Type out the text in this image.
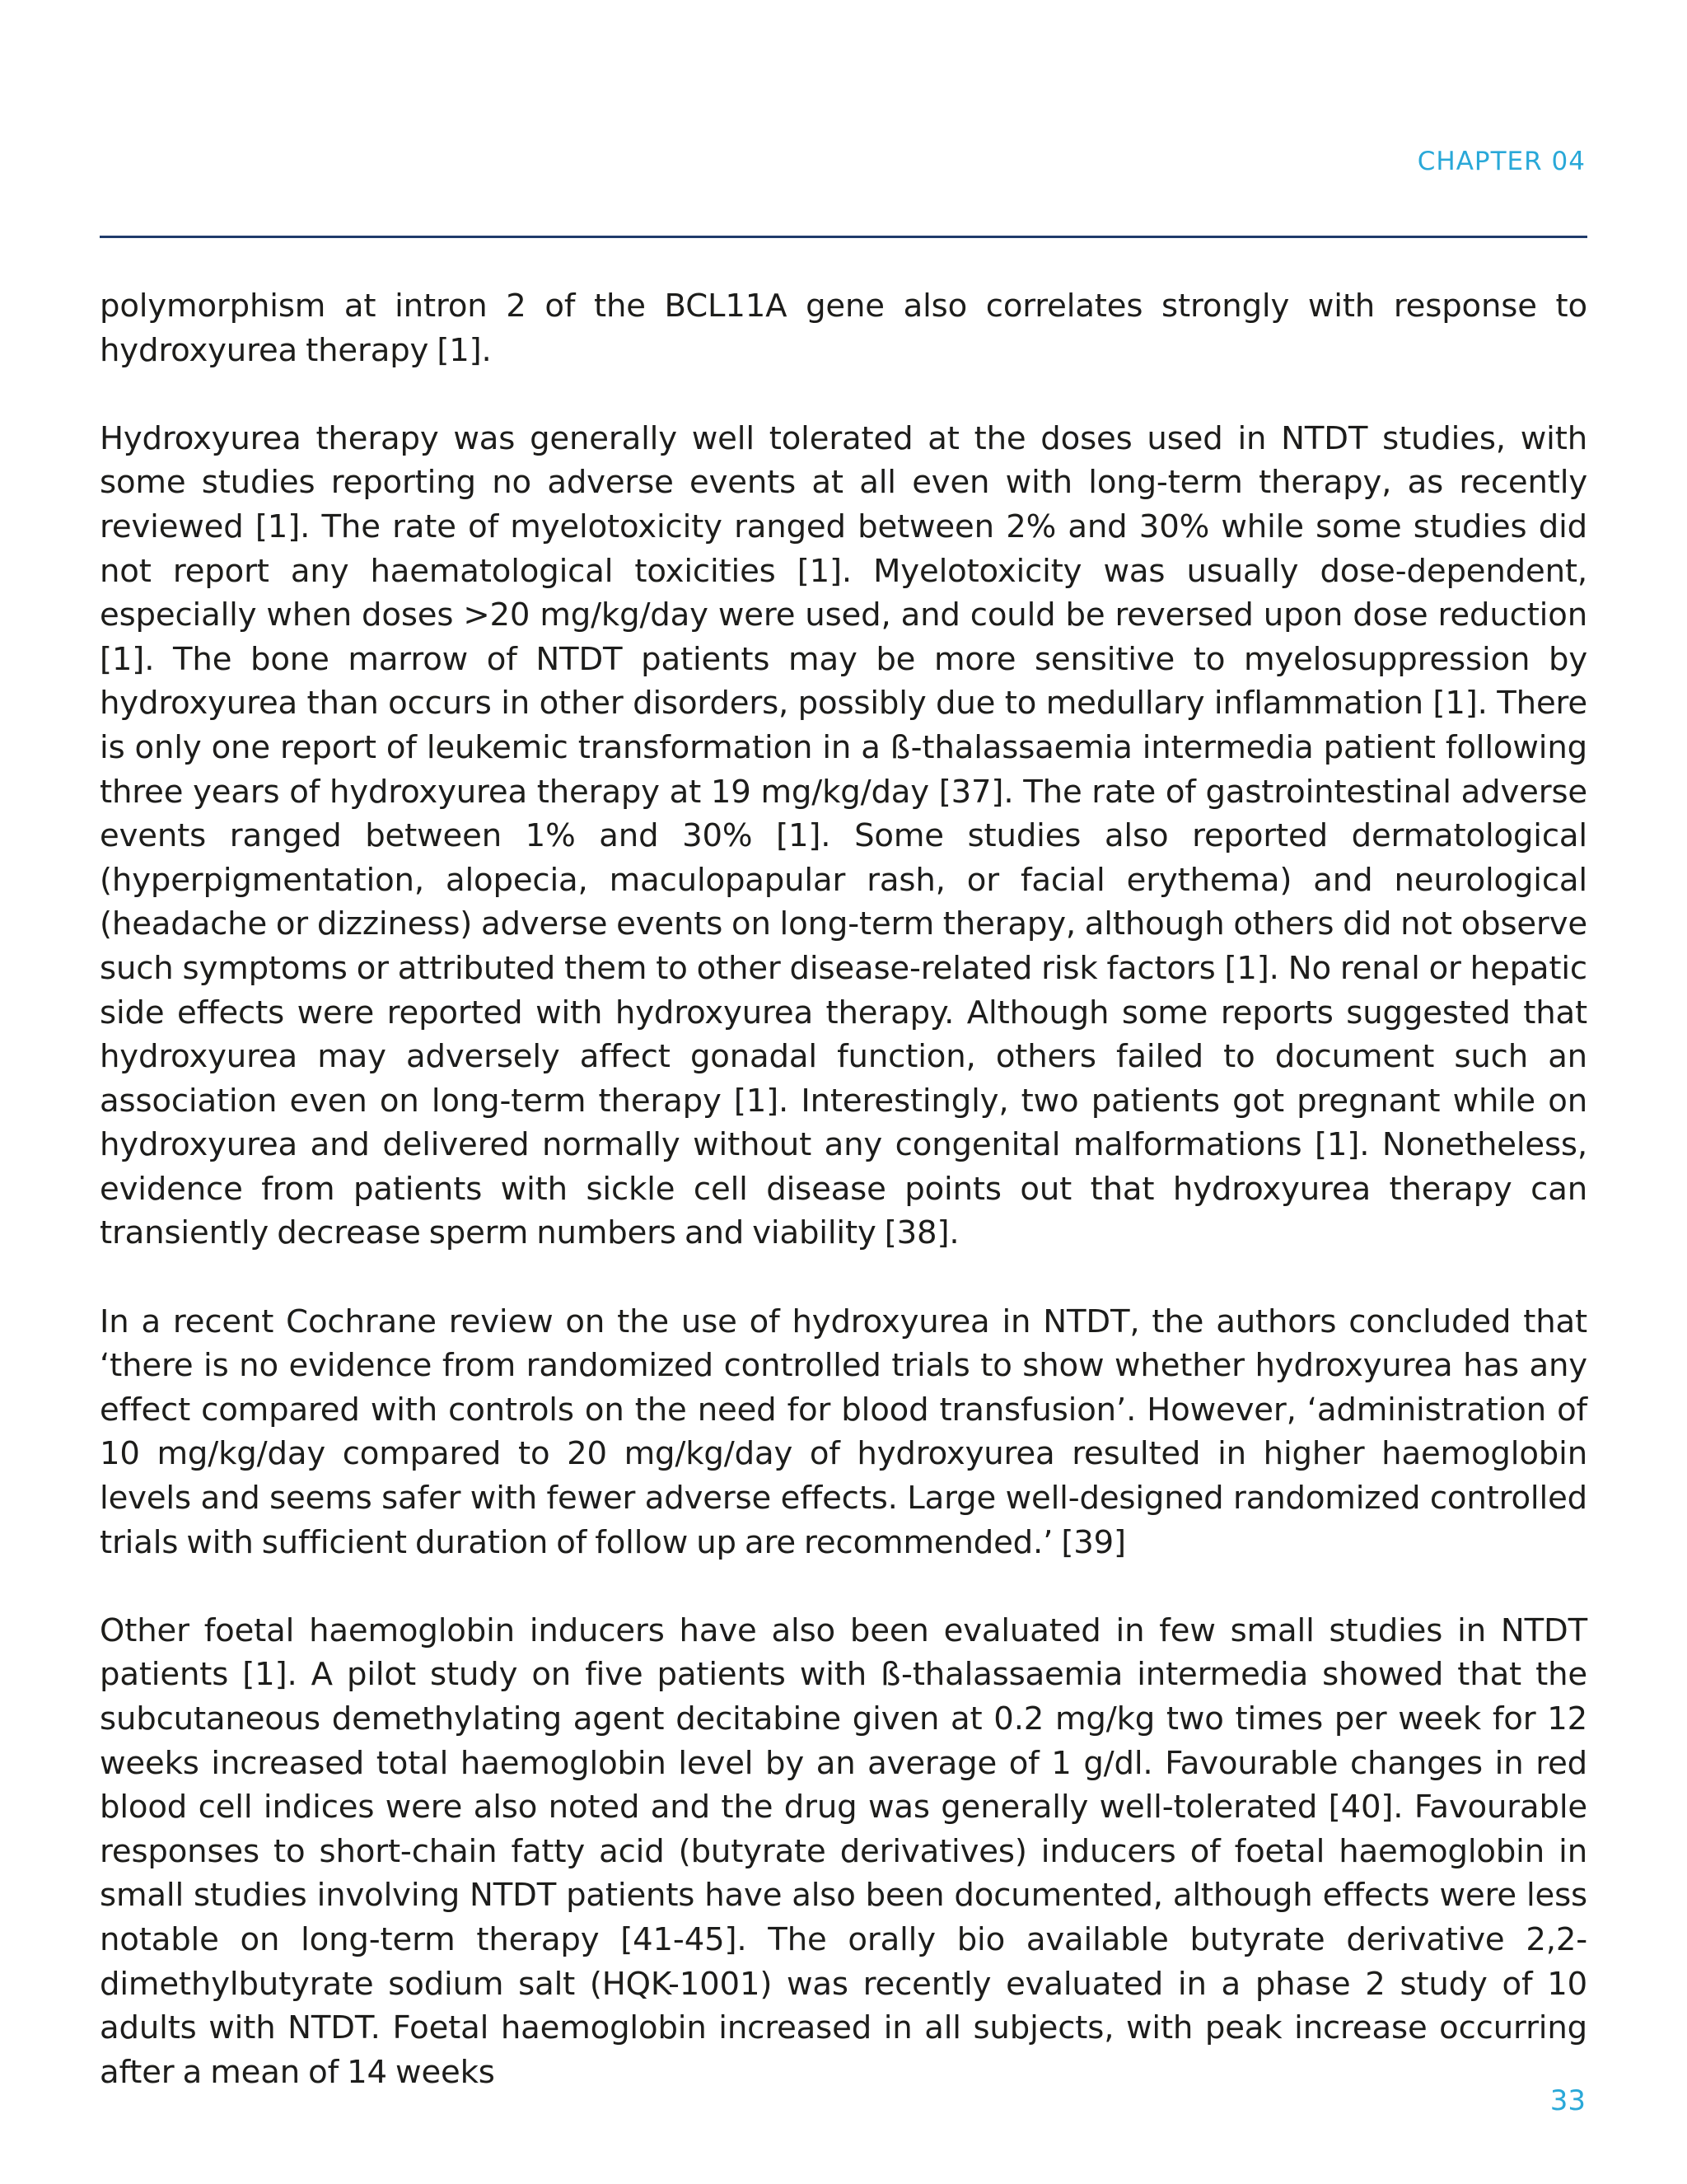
CHAPTER 04

polymorphism at intron 2 of the BCL11A gene also correlates strongly with response to hydroxyurea therapy [1].

Hydroxyurea therapy was generally well tolerated at the doses used in NTDT studies, with some studies reporting no adverse events at all even with long-term therapy, as recently reviewed [1]. The rate of myelotoxicity ranged between 2% and 30% while some studies did not report any haematological toxicities [1]. Myelotoxicity was usually dose-dependent, especially when doses >20 mg/kg/day were used, and could be reversed upon dose reduction [1]. The bone marrow of NTDT patients may be more sensitive to myelosuppression by hydroxyurea than occurs in other disorders, possibly due to medullary inflammation [1]. There is only one report of leukemic transformation in a ß-thalassaemia intermedia patient following three years of hydroxyurea therapy at 19 mg/kg/day [37]. The rate of gastrointestinal adverse events ranged between 1% and 30% [1]. Some studies also reported dermatological (hyperpigmentation, alopecia, maculopapular rash, or facial erythema) and neurological (headache or dizziness) adverse events on long-term therapy, although others did not observe such symptoms or attributed them to other disease-related risk factors [1]. No renal or hepatic side effects were reported with hydroxyurea therapy. Although some reports suggested that hydroxyurea may adversely affect gonadal function, others failed to document such an association even on long-term therapy [1]. Interestingly, two patients got pregnant while on hydroxyurea and delivered normally without any congenital malformations [1]. Nonetheless, evidence from patients with sickle cell disease points out that hydroxyurea therapy can transiently decrease sperm numbers and viability [38].

In a recent Cochrane review on the use of hydroxyurea in NTDT, the authors concluded that ‘there is no evidence from randomized controlled trials to show whether hydroxyurea has any effect compared with controls on the need for blood transfusion’. However, ‘administration of 10 mg/kg/day compared to 20 mg/kg/day of hydroxyurea resulted in higher haemoglobin levels and seems safer with fewer adverse effects. Large well-designed randomized controlled trials with sufficient duration of follow up are recommended.’ [39]

Other foetal haemoglobin inducers have also been evaluated in few small studies in NTDT patients [1]. A pilot study on five patients with ß-thalassaemia intermedia showed that the subcutaneous demethylating agent decitabine given at 0.2 mg/kg two times per week for 12 weeks increased total haemoglobin level by an average of 1 g/dl. Favourable changes in red blood cell indices were also noted and the drug was generally well-tolerated [40]. Favourable responses to short-chain fatty acid (butyrate derivatives) inducers of foetal haemoglobin in small studies involving NTDT patients have also been documented, although effects were less notable on long-term therapy [41-45]. The orally bio available butyrate derivative 2,2-dimethylbutyrate sodium salt (HQK-1001) was recently evaluated in a phase 2 study of 10 adults with NTDT. Foetal haemoglobin increased in all subjects, with peak increase occurring after a mean of 14 weeks

33
